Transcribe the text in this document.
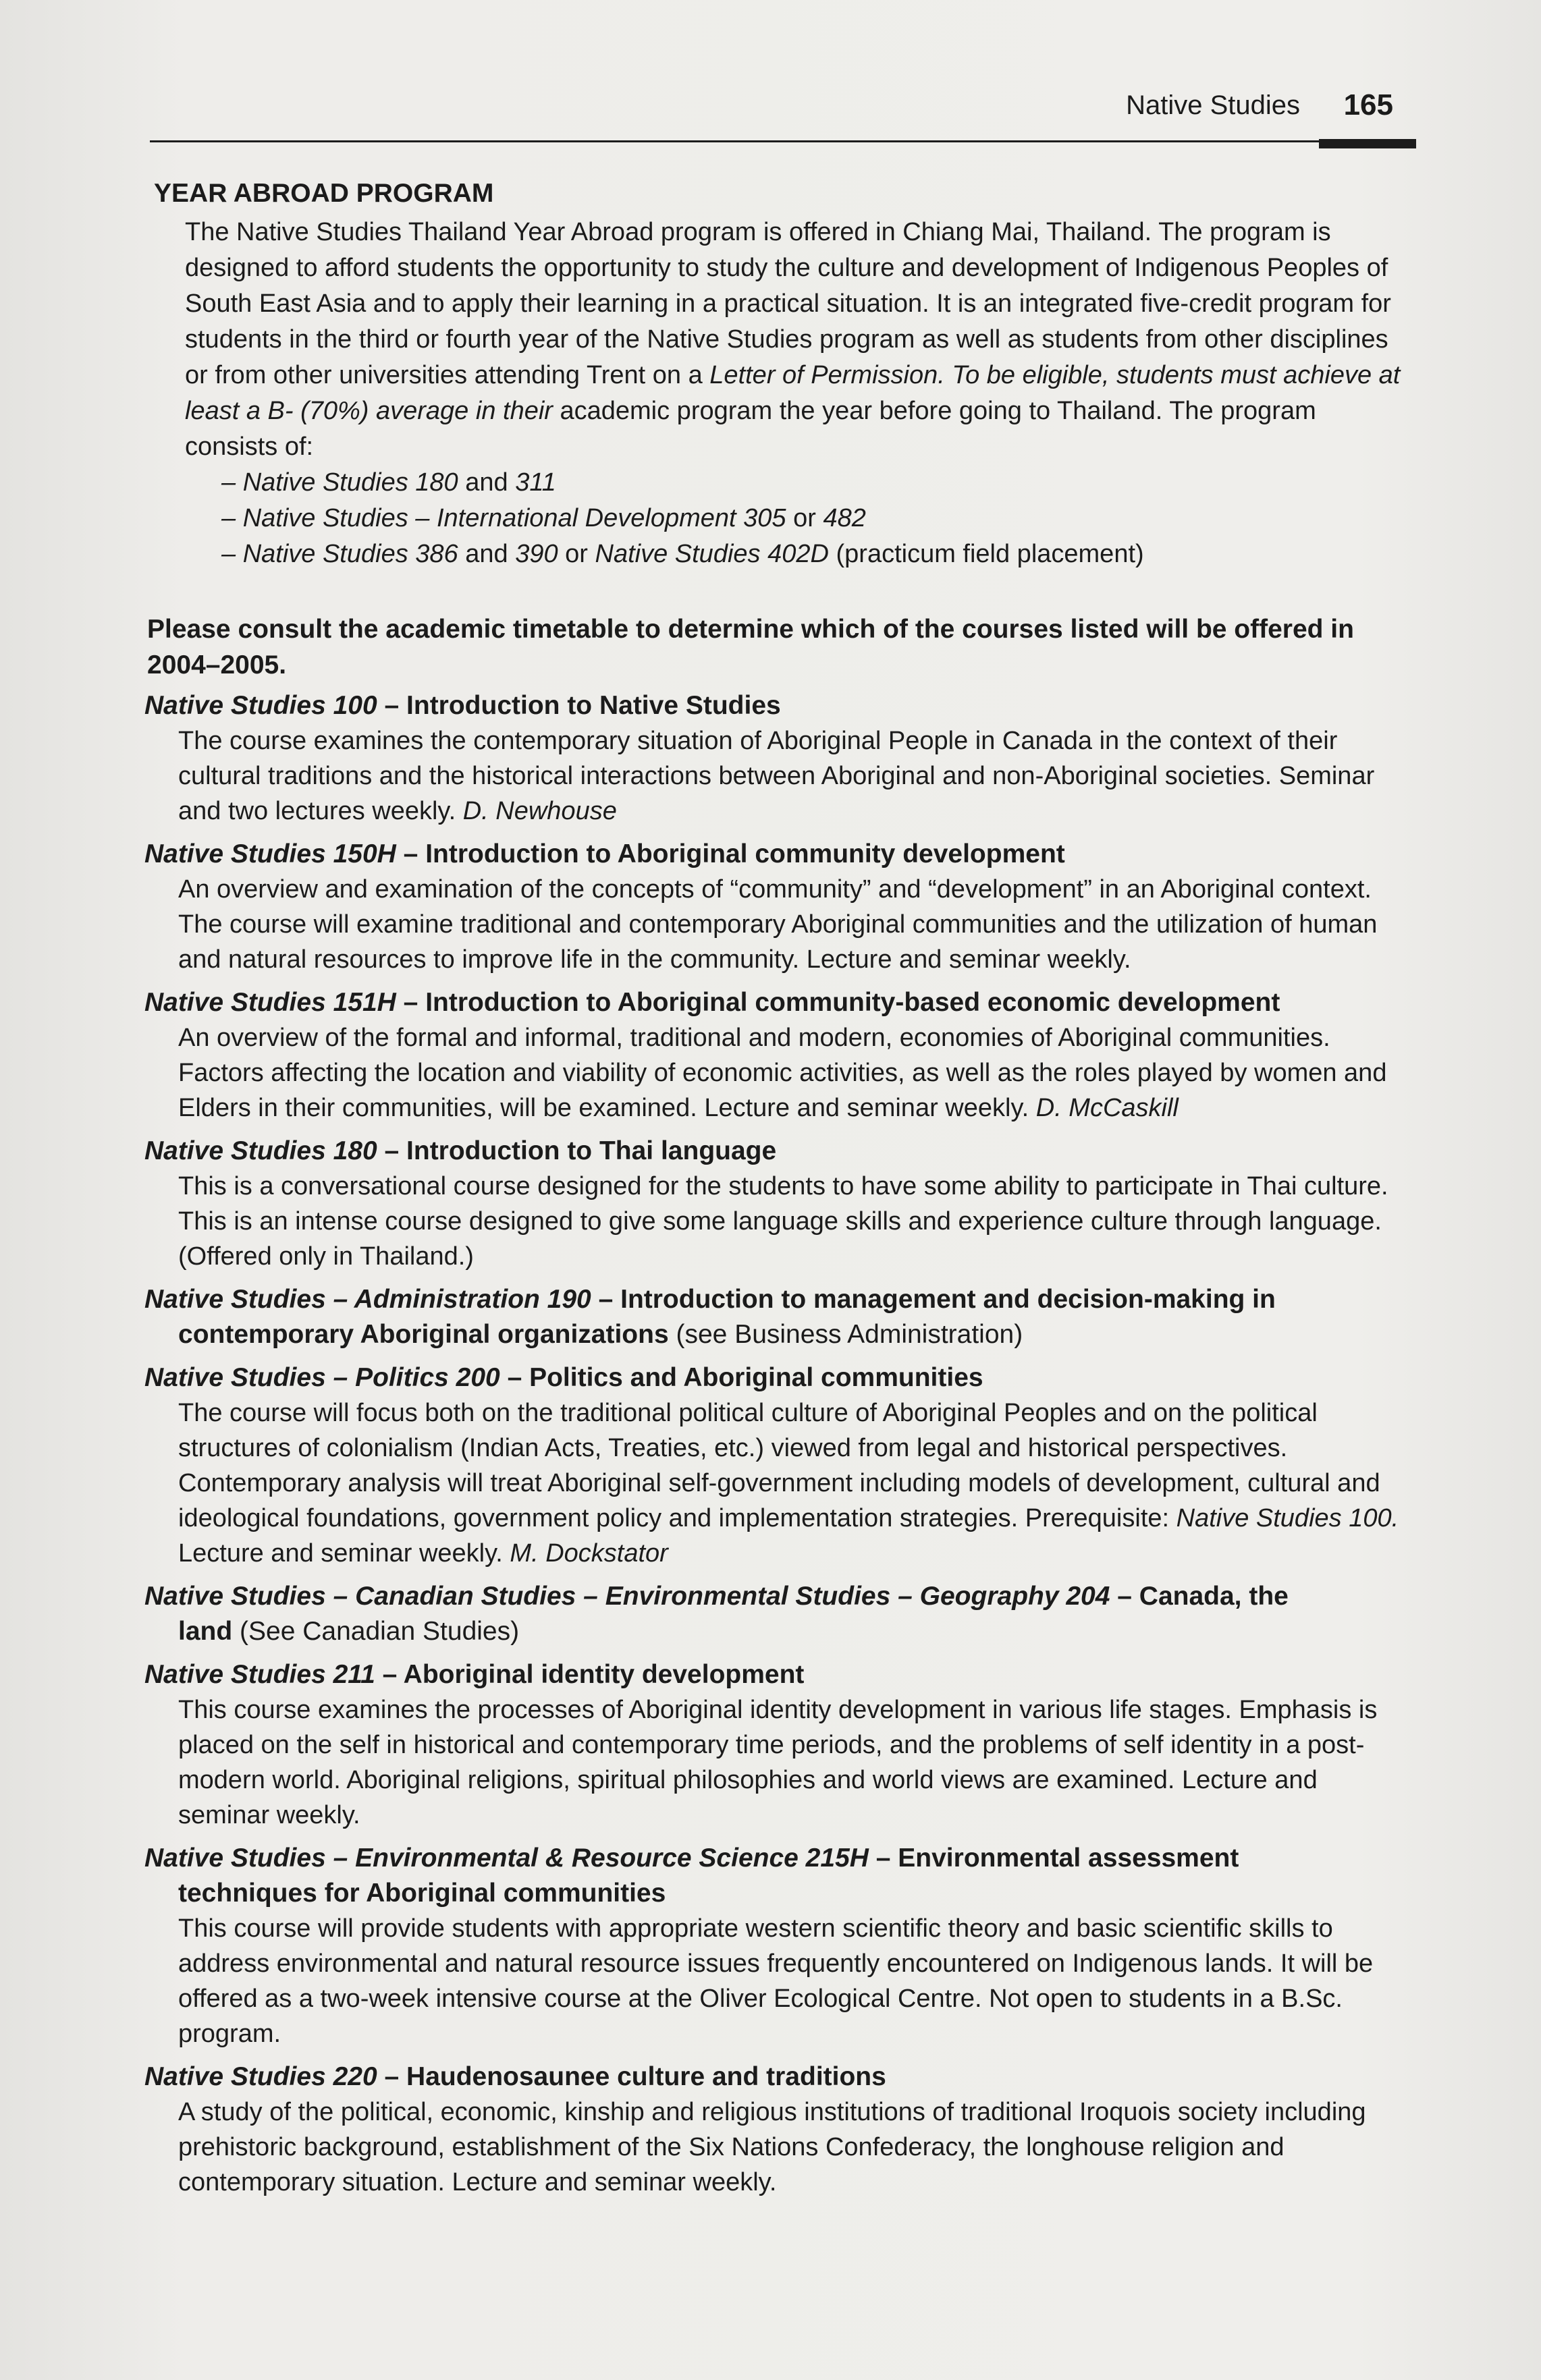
Native Studies 165
YEAR ABROAD PROGRAM
The Native Studies Thailand Year Abroad program is offered in Chiang Mai, Thailand. The program is designed to afford students the opportunity to study the culture and development of Indigenous Peoples of South East Asia and to apply their learning in a practical situation. It is an integrated five-credit program for students in the third or fourth year of the Native Studies program as well as students from other disciplines or from other universities attending Trent on a Letter of Permission. To be eligible, students must achieve at least a B- (70%) average in their academic program the year before going to Thailand. The program consists of:
– Native Studies 180 and 311
– Native Studies – International Development 305 or 482
– Native Studies 386 and 390 or Native Studies 402D (practicum field placement)
Please consult the academic timetable to determine which of the courses listed will be offered in 2004–2005.
Native Studies 100 – Introduction to Native Studies
The course examines the contemporary situation of Aboriginal People in Canada in the context of their cultural traditions and the historical interactions between Aboriginal and non-Aboriginal societies. Seminar and two lectures weekly. D. Newhouse
Native Studies 150H – Introduction to Aboriginal community development
An overview and examination of the concepts of “community” and “development” in an Aboriginal context. The course will examine traditional and contemporary Aboriginal communities and the utilization of human and natural resources to improve life in the community. Lecture and seminar weekly.
Native Studies 151H – Introduction to Aboriginal community-based economic development
An overview of the formal and informal, traditional and modern, economies of Aboriginal communities. Factors affecting the location and viability of economic activities, as well as the roles played by women and Elders in their communities, will be examined. Lecture and seminar weekly. D. McCaskill
Native Studies 180 – Introduction to Thai language
This is a conversational course designed for the students to have some ability to participate in Thai culture. This is an intense course designed to give some language skills and experience culture through language. (Offered only in Thailand.)
Native Studies – Administration 190 – Introduction to management and decision-making in
contemporary Aboriginal organizations (see Business Administration)
Native Studies – Politics 200 – Politics and Aboriginal communities
The course will focus both on the traditional political culture of Aboriginal Peoples and on the political structures of colonialism (Indian Acts, Treaties, etc.) viewed from legal and historical perspectives. Contemporary analysis will treat Aboriginal self-government including models of development, cultural and ideological foundations, government policy and implementation strategies. Prerequisite: Native Studies 100. Lecture and seminar weekly. M. Dockstator
Native Studies – Canadian Studies – Environmental Studies – Geography 204 – Canada, the
land (See Canadian Studies)
Native Studies 211 – Aboriginal identity development
This course examines the processes of Aboriginal identity development in various life stages. Emphasis is placed on the self in historical and contemporary time periods, and the problems of self identity in a post-modern world. Aboriginal religions, spiritual philosophies and world views are examined. Lecture and seminar weekly.
Native Studies – Environmental & Resource Science 215H – Environmental assessment
techniques for Aboriginal communities
This course will provide students with appropriate western scientific theory and basic scientific skills to address environmental and natural resource issues frequently encountered on Indigenous lands. It will be offered as a two-week intensive course at the Oliver Ecological Centre. Not open to students in a B.Sc. program.
Native Studies 220 – Haudenosaunee culture and traditions
A study of the political, economic, kinship and religious institutions of traditional Iroquois society including prehistoric background, establishment of the Six Nations Confederacy, the longhouse religion and contemporary situation. Lecture and seminar weekly.
